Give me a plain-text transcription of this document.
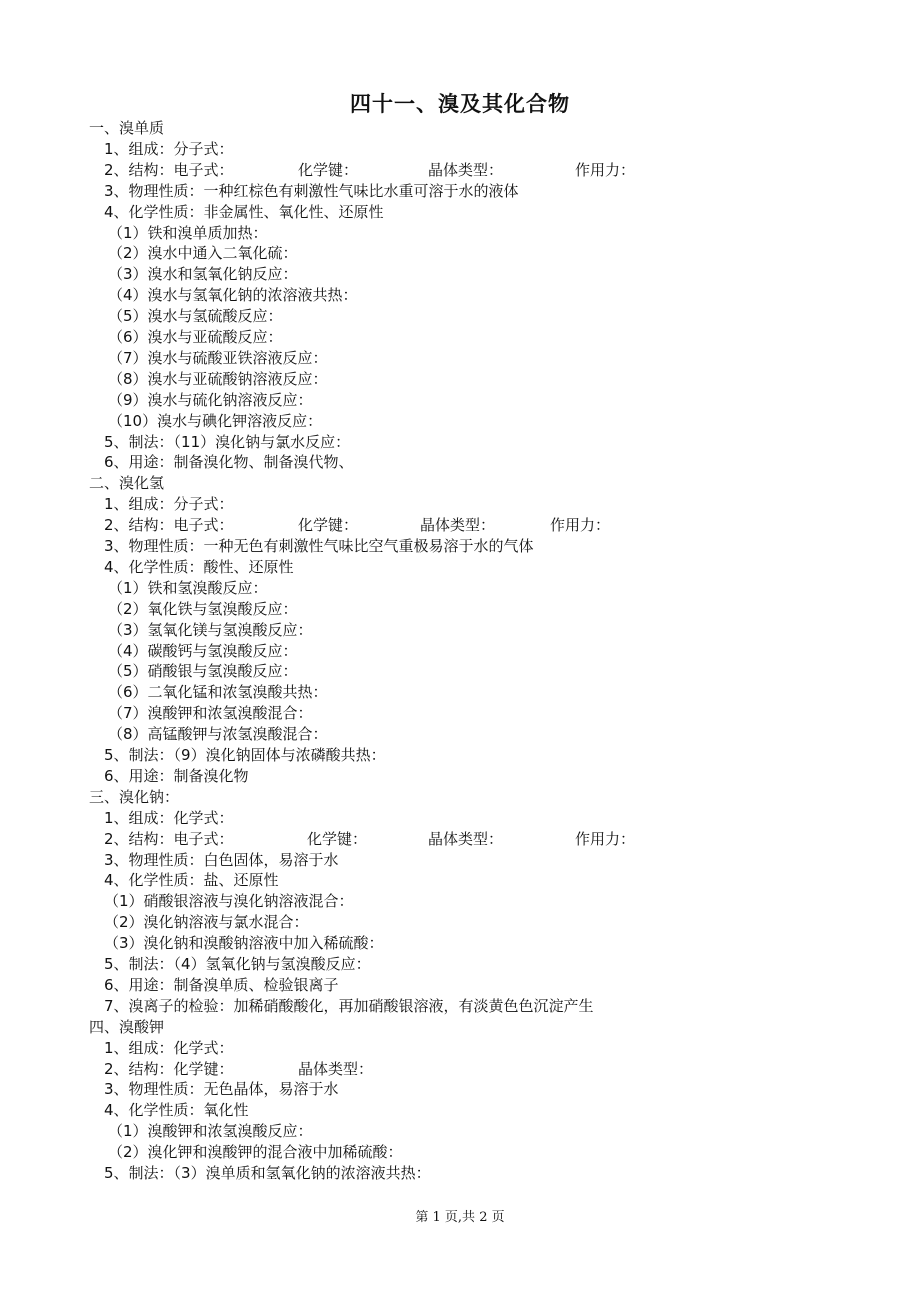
四十一、溴及其化合物
一、溴单质
1、组成：分子式：
2、结构：电子式：	化学键：	晶体类型：	作用力：
3、物理性质：一种红棕色有刺激性气味比水重可溶于水的液体
4、化学性质：非金属性、氧化性、还原性
（1）铁和溴单质加热：
（2）溴水中通入二氧化硫：
（3）溴水和氢氧化钠反应：
（4）溴水与氢氧化钠的浓溶液共热：
（5）溴水与氢硫酸反应：
（6）溴水与亚硫酸反应：
（7）溴水与硫酸亚铁溶液反应：
（8）溴水与亚硫酸钠溶液反应：
（9）溴水与硫化钠溶液反应：
（10）溴水与碘化钾溶液反应：
5、制法：（11）溴化钠与氯水反应：
6、用途：制备溴化物、制备溴代物、
二、溴化氢
1、组成：分子式：
2、结构：电子式：	化学键：	晶体类型：	作用力：
3、物理性质：一种无色有刺激性气味比空气重极易溶于水的气体
4、化学性质：酸性、还原性
（1）铁和氢溴酸反应：
（2）氧化铁与氢溴酸反应：
（3）氢氧化镁与氢溴酸反应：
（4）碳酸钙与氢溴酸反应：
（5）硝酸银与氢溴酸反应：
（6）二氧化锰和浓氢溴酸共热：
（7）溴酸钾和浓氢溴酸混合：
（8）高锰酸钾与浓氢溴酸混合：
5、制法：（9）溴化钠固体与浓磷酸共热：
6、用途：制备溴化物
三、溴化钠：
1、组成：化学式：
2、结构：电子式：	化学键：	晶体类型：	作用力：
3、物理性质：白色固体，易溶于水
4、化学性质：盐、还原性
（1）硝酸银溶液与溴化钠溶液混合：
（2）溴化钠溶液与氯水混合：
（3）溴化钠和溴酸钠溶液中加入稀硫酸：
5、制法：（4）氢氧化钠与氢溴酸反应：
6、用途：制备溴单质、检验银离子
7、溴离子的检验：加稀硝酸酸化，再加硝酸银溶液，有淡黄色色沉淀产生
四、溴酸钾
1、组成：化学式：
2、结构：化学键：	晶体类型：
3、物理性质：无色晶体，易溶于水
4、化学性质：氧化性
（1）溴酸钾和浓氢溴酸反应：
（2）溴化钾和溴酸钾的混合液中加稀硫酸：
5、制法：（3）溴单质和氢氧化钠的浓溶液共热：
第 1 页,共 2 页
